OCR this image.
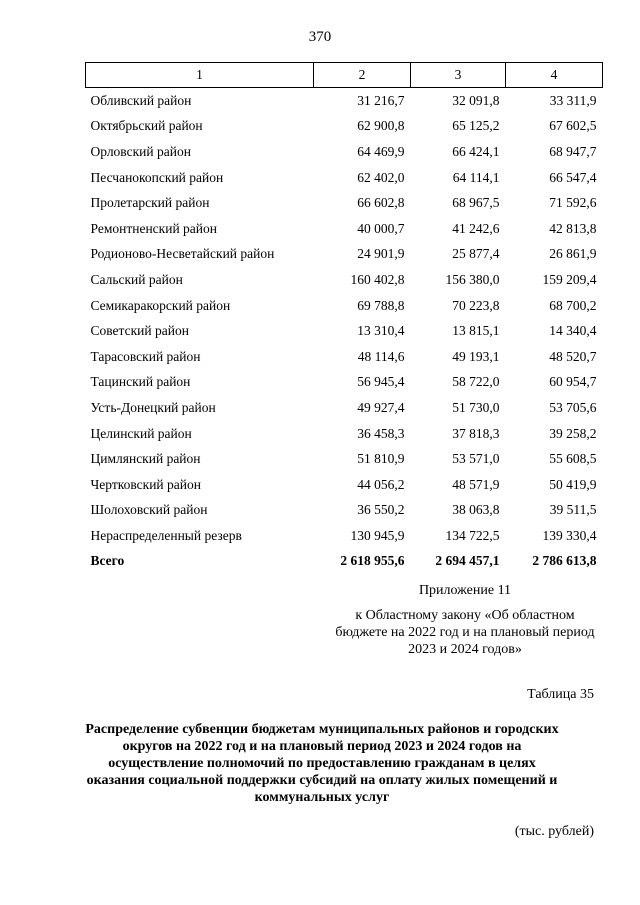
370
1	2	3	4
Обливский район	31 216,7	32 091,8	33 311,9
Октябрьский район	62 900,8	65 125,2	67 602,5
Орловский район	64 469,9	66 424,1	68 947,7
Песчанокопский район	62 402,0	64 114,1	66 547,4
Пролетарский район	66 602,8	68 967,5	71 592,6
Ремонтненский район	40 000,7	41 242,6	42 813,8
Родионово-Несветайский район	24 901,9	25 877,4	26 861,9
Сальский район	160 402,8	156 380,0	159 209,4
Семикаракорский район	69 788,8	70 223,8	68 700,2
Советский район	13 310,4	13 815,1	14 340,4
Тарасовский район	48 114,6	49 193,1	48 520,7
Тацинский район	56 945,4	58 722,0	60 954,7
Усть-Донецкий район	49 927,4	51 730,0	53 705,6
Целинский район	36 458,3	37 818,3	39 258,2
Цимлянский район	51 810,9	53 571,0	55 608,5
Чертковский район	44 056,2	48 571,9	50 419,9
Шолоховский район	36 550,2	38 063,8	39 511,5
Нераспределенный резерв	130 945,9	134 722,5	139 330,4
Всего	2 618 955,6	2 694 457,1	2 786 613,8
Приложение 11
к Областному закону «Об областном бюджете на 2022 год и на плановый период 2023 и 2024 годов»
Таблица 35
Распределение субвенции бюджетам муниципальных районов и городских округов на 2022 год и на плановый период 2023 и 2024 годов на осуществление полномочий по предоставлению гражданам в целях оказания социальной поддержки субсидий на оплату жилых помещений и коммунальных услуг
(тыс. рублей)
